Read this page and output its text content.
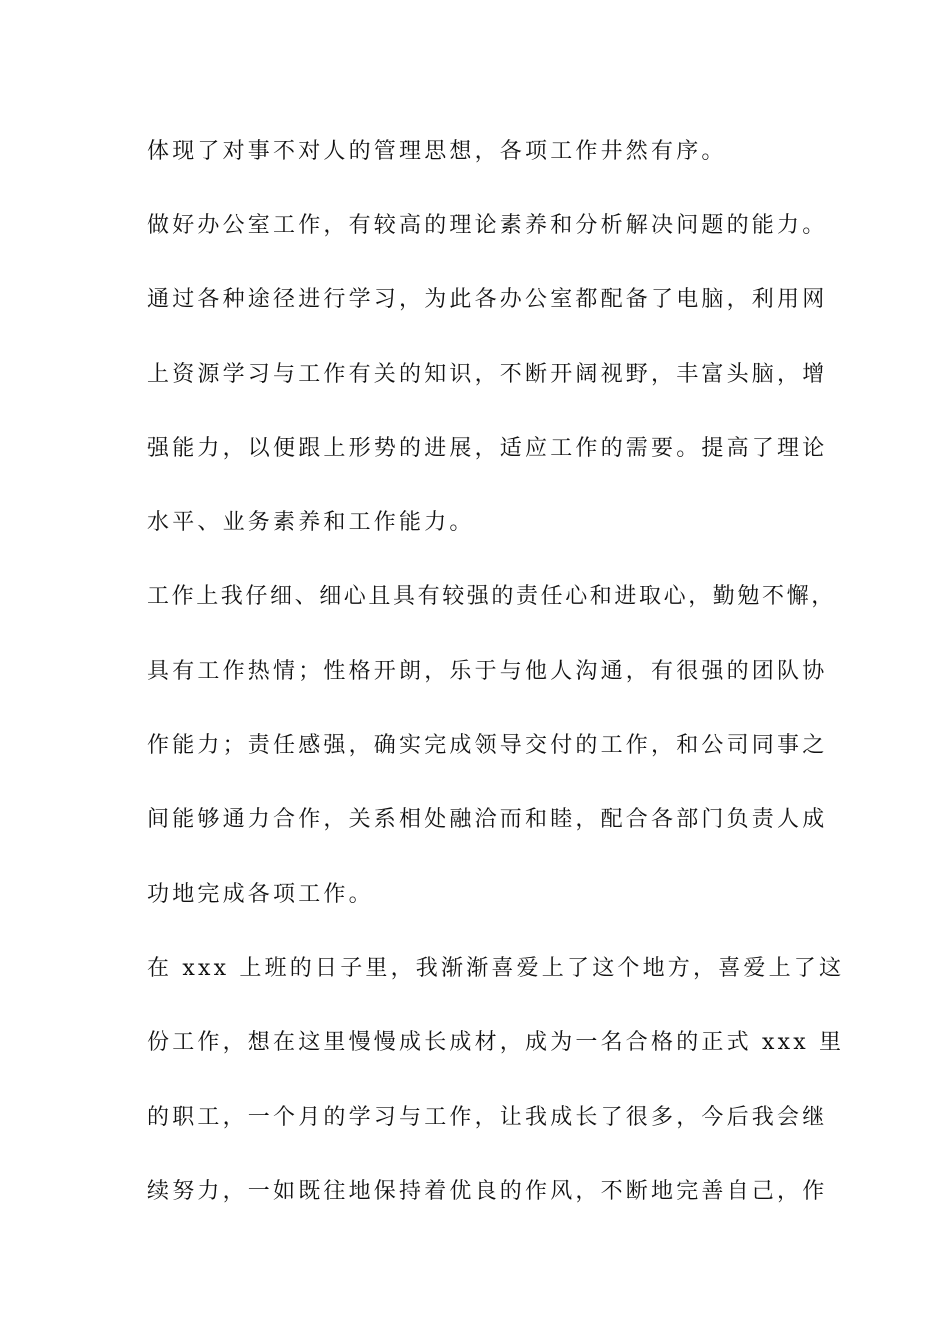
体现了对事不对人的管理思想，各项工作井然有序。
做好办公室工作，有较高的理论素养和分析解决问题的能力。
通过各种途径进行学习，为此各办公室都配备了电脑，利用网
上资源学习与工作有关的知识，不断开阔视野，丰富头脑，增
强能力，以便跟上形势的进展，适应工作的需要。提高了理论
水平、业务素养和工作能力。
工作上我仔细、细心且具有较强的责任心和进取心，勤勉不懈，
具有工作热情；性格开朗，乐于与他人沟通，有很强的团队协
作能力；责任感强，确实完成领导交付的工作，和公司同事之
间能够通力合作，关系相处融洽而和睦，配合各部门负责人成
功地完成各项工作。
在 xxx 上班的日子里，我渐渐喜爱上了这个地方，喜爱上了这
份工作，想在这里慢慢成长成材，成为一名合格的正式 xxx 里
的职工，一个月的学习与工作，让我成长了很多，今后我会继
续努力，一如既往地保持着优良的作风，不断地完善自己，作
